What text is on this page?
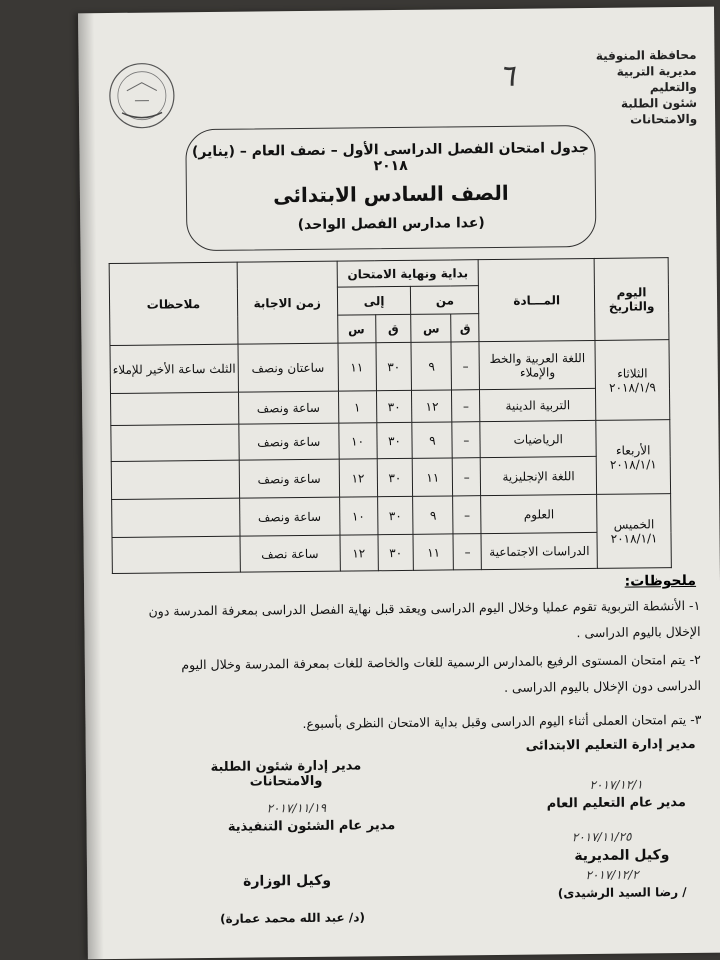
محافظة المنوفية
مديرية التربية والتعليم
شئون الطلبة والامتحانات
٦
جدول امتحان الفصل الدراسى الأول – نصف العام – (يناير) ٢٠١٨
الصف السادس الابتدائى
(عدا مدارس الفصل الواحد)
اليوم والتاريخ	المـــادة	بداية ونهاية الامتحان				زمن الاجابة	ملاحظات
		من		إلى			
		ق	س	ق	س		

الثلاثاء
٢٠١٨/١/٩	اللغة العربية والخط والإملاء	–	٩	٣٠	١١	ساعتان ونصف	الثلث ساعة الأخير للإملاء
	التربية الدينية	–	١٢	٣٠	١	ساعة ونصف	

الأربعاء
٢٠١٨/١/١	الرياضيات	–	٩	٣٠	١٠	ساعة ونصف	
	اللغة الإنجليزية	–	١١	٣٠	١٢	ساعة ونصف	

الخميس
٢٠١٨/١/١	العلوم	–	٩	٣٠	١٠	ساعة ونصف	
	الدراسات الاجتماعية	–	١١	٣٠	١٢	ساعة نصف	
ملحوظات:
١- الأنشطة التربوية تقوم عمليا وخلال اليوم الدراسى ويعقد قبل نهاية الفصل الدراسى بمعرفة المدرسة دون الإخلال باليوم الدراسى .
٢- يتم امتحان المستوى الرفيع بالمدارس الرسمية للغات والخاصة للغات بمعرفة المدرسة وخلال اليوم الدراسى دون الإخلال باليوم الدراسى .
٣- يتم امتحان العملى أثناء اليوم الدراسى وقبل بداية الامتحان النظرى بأسبوع.
مدير إدارة شئون الطلبة والامتحانات
٢٠١٧/١١/١٩
مدير عام الشئون التنفيذية
وكيل الوزارة
(د/ عبد الله محمد عمارة)
مدير إدارة التعليم الابتدائى
٢٠١٧/١٢/١
مدير عام التعليم العام
٢٠١٧/١١/٢٥
وكيل المديرية
٢٠١٧/١٢/٢
/ رضا السيد الرشيدى)
